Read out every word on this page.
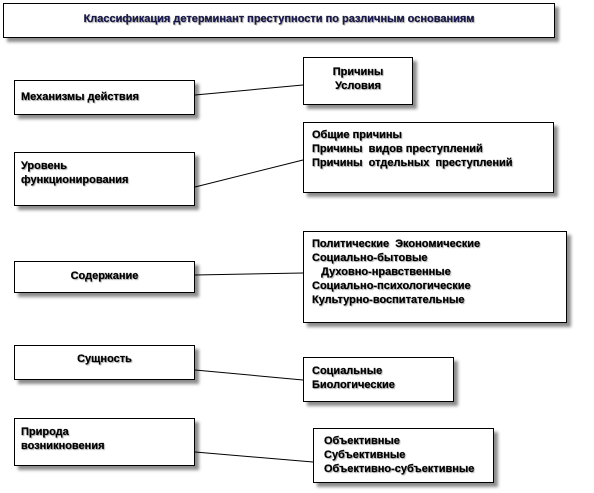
Классификация детерминант преступности по различным основаниям
Механизмы действия
Причины
Условия
Уровень
функционирования
Общие причины
Причины  видов преступлений
Причины  отдельных  преступлений
Содержание
Политические  Экономические
Социально-бытовые
Духовно-нравственные
Социально-психологические
Культурно-воспитательные
Сущность
Социальные
Биологические
Природа
возникновения	Объективные
Субъективные
Объективно-субъективные
